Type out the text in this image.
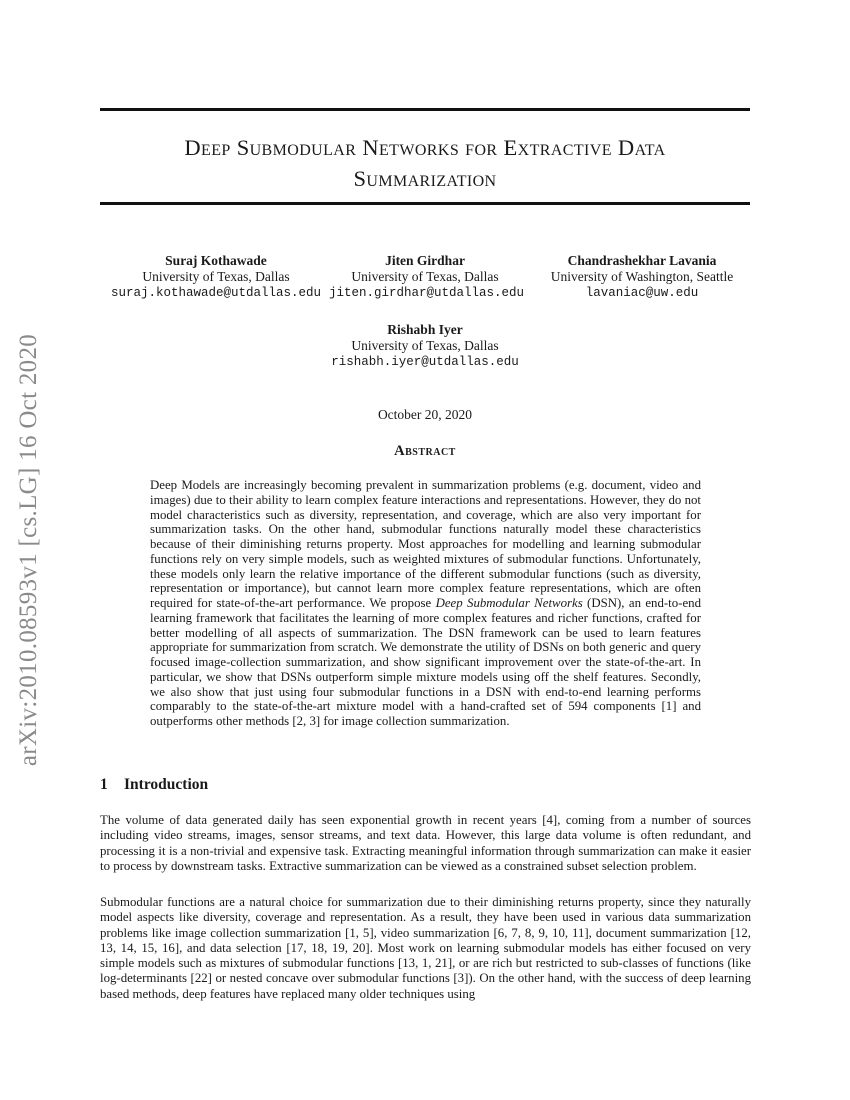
arXiv:2010.08593v1 [cs.LG] 16 Oct 2020
Deep Submodular Networks for Extractive Data
Summarization
Suraj Kothawade
University of Texas, Dallas
suraj.kothawade@utdallas.edu
Jiten Girdhar
University of Texas, Dallas
jiten.girdhar@utdallas.edu
Chandrashekhar Lavania
University of Washington, Seattle
lavaniac@uw.edu
Rishabh Iyer
University of Texas, Dallas
rishabh.iyer@utdallas.edu
October 20, 2020
Abstract
Deep Models are increasingly becoming prevalent in summarization problems (e.g. document, video and images) due to their ability to learn complex feature interactions and representations. However, they do not model characteristics such as diversity, representation, and coverage, which are also very important for summarization tasks. On the other hand, submodular functions naturally model these characteristics because of their diminishing returns property. Most approaches for modelling and learning submodular functions rely on very simple models, such as weighted mixtures of submodular functions. Unfortunately, these models only learn the relative importance of the different submodular functions (such as diversity, representation or importance), but cannot learn more complex feature representations, which are often required for state-of-the-art performance. We propose Deep Submodular Networks (DSN), an end-to-end learning framework that facilitates the learning of more complex features and richer functions, crafted for better modelling of all aspects of summarization. The DSN framework can be used to learn features appropriate for summarization from scratch. We demonstrate the utility of DSNs on both generic and query focused image-collection summarization, and show significant improvement over the state-of-the-art. In particular, we show that DSNs outperform simple mixture models using off the shelf features. Secondly, we also show that just using four submodular functions in a DSN with end-to-end learning performs comparably to the state-of-the-art mixture model with a hand-crafted set of 594 components [1] and outperforms other methods [2, 3] for image collection summarization.
1 Introduction
The volume of data generated daily has seen exponential growth in recent years [4], coming from a number of sources including video streams, images, sensor streams, and text data. However, this large data volume is often redundant, and processing it is a non-trivial and expensive task. Extracting meaningful information through summarization can make it easier to process by downstream tasks. Extractive summarization can be viewed as a constrained subset selection problem.
Submodular functions are a natural choice for summarization due to their diminishing returns property, since they naturally model aspects like diversity, coverage and representation. As a result, they have been used in various data summarization problems like image collection summarization [1, 5], video summarization [6, 7, 8, 9, 10, 11], document summarization [12, 13, 14, 15, 16], and data selection [17, 18, 19, 20]. Most work on learning submodular models has either focused on very simple models such as mixtures of submodular functions [13, 1, 21], or are rich but restricted to sub-classes of functions (like log-determinants [22] or nested concave over submodular functions [3]). On the other hand, with the success of deep learning based methods, deep features have replaced many older techniques using
